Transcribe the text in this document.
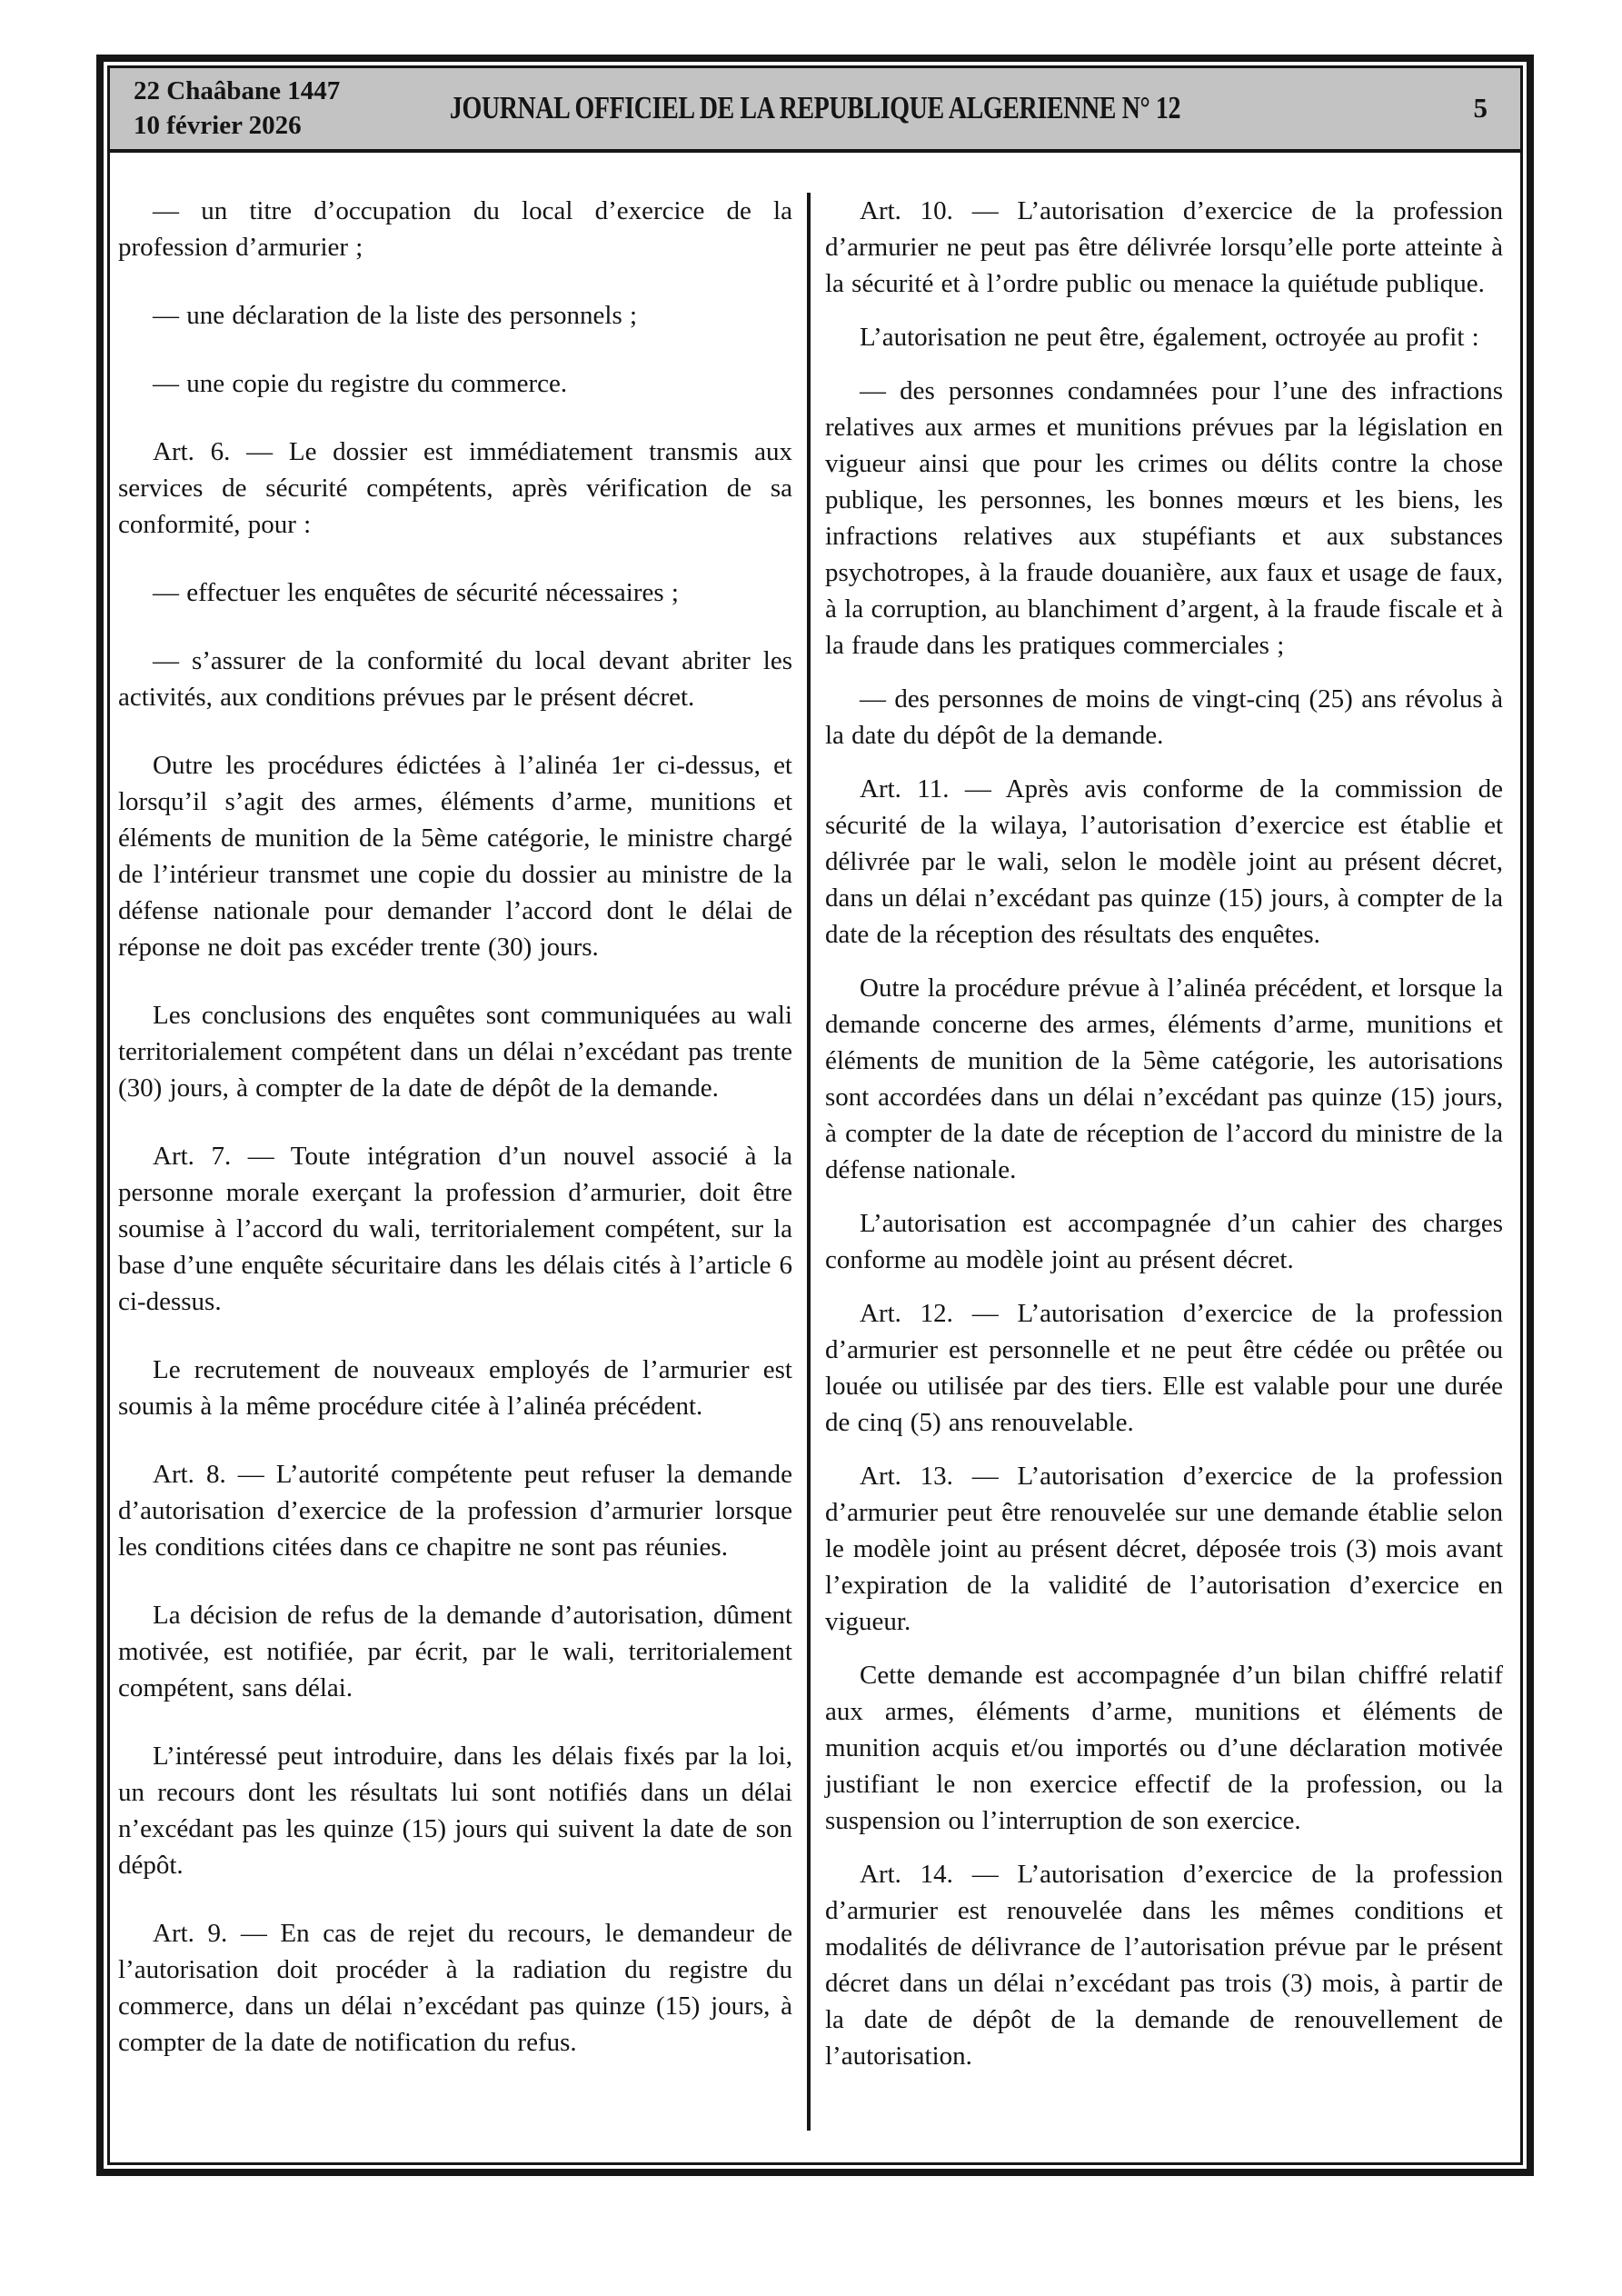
22 Chaâbane 1447
10 février 2026	JOURNAL OFFICIEL DE LA REPUBLIQUE ALGERIENNE N° 12	5

— un titre d’occupation du local d’exercice de la profession d’armurier ;

— une déclaration de la liste des personnels ;

— une copie du registre du commerce.

Art. 6. — Le dossier est immédiatement transmis aux services de sécurité compétents, après vérification de sa conformité, pour :

— effectuer les enquêtes de sécurité nécessaires ;

— s’assurer de la conformité du local devant abriter les activités, aux conditions prévues par le présent décret.

Outre les procédures édictées à l’alinéa 1er ci-dessus, et lorsqu’il s’agit des armes, éléments d’arme, munitions et éléments de munition de la 5ème catégorie, le ministre chargé de l’intérieur transmet une copie du dossier au ministre de la défense nationale pour demander l’accord dont le délai de réponse ne doit pas excéder trente (30) jours.

Les conclusions des enquêtes sont communiquées au wali territorialement compétent dans un délai n’excédant pas trente (30) jours, à compter de la date de dépôt de la demande.

Art. 7. — Toute intégration d’un nouvel associé à la personne morale exerçant la profession d’armurier, doit être soumise à l’accord du wali, territorialement compétent, sur la base d’une enquête sécuritaire dans les délais cités à l’article 6 ci-dessus.

Le recrutement de nouveaux employés de l’armurier est soumis à la même procédure citée à l’alinéa précédent.

Art. 8. — L’autorité compétente peut refuser la demande d’autorisation d’exercice de la profession d’armurier lorsque les conditions citées dans ce chapitre ne sont pas réunies.

La décision de refus de la demande d’autorisation, dûment motivée, est notifiée, par écrit, par le wali, territorialement compétent, sans délai.

L’intéressé peut introduire, dans les délais fixés par la loi, un recours dont les résultats lui sont notifiés dans un délai n’excédant pas les quinze (15) jours qui suivent la date de son dépôt.

Art. 9. — En cas de rejet du recours, le demandeur de l’autorisation doit procéder à la radiation du registre du commerce, dans un délai n’excédant pas quinze (15) jours, à compter de la date de notification du refus.

Art. 10. — L’autorisation d’exercice de la profession d’armurier ne peut pas être délivrée lorsqu’elle porte atteinte à la sécurité et à l’ordre public ou menace la quiétude publique.

L’autorisation ne peut être, également, octroyée au profit :

— des personnes condamnées pour l’une des infractions relatives aux armes et munitions prévues par la législation en vigueur ainsi que pour les crimes ou délits contre la chose publique, les personnes, les bonnes mœurs et les biens, les infractions relatives aux stupéfiants et aux substances psychotropes, à la fraude douanière, aux faux et usage de faux, à la corruption, au blanchiment d’argent, à la fraude fiscale et à la fraude dans les pratiques commerciales ;

— des personnes de moins de vingt-cinq (25) ans révolus à la date du dépôt de la demande.

Art. 11. — Après avis conforme de la commission de sécurité de la wilaya, l’autorisation d’exercice est établie et délivrée par le wali, selon le modèle joint au présent décret, dans un délai n’excédant pas quinze (15) jours, à compter de la date de la réception des résultats des enquêtes.

Outre la procédure prévue à l’alinéa précédent, et lorsque la demande concerne des armes, éléments d’arme, munitions et éléments de munition de la 5ème catégorie, les autorisations sont accordées dans un délai n’excédant pas quinze (15) jours, à compter de la date de réception de l’accord du ministre de la défense nationale.

L’autorisation est accompagnée d’un cahier des charges conforme au modèle joint au présent décret.

Art. 12. — L’autorisation d’exercice de la profession d’armurier est personnelle et ne peut être cédée ou prêtée ou louée ou utilisée par des tiers. Elle est valable pour une durée de cinq (5) ans renouvelable.

Art. 13. — L’autorisation d’exercice de la profession d’armurier peut être renouvelée sur une demande établie selon le modèle joint au présent décret, déposée trois (3) mois avant l’expiration de la validité de l’autorisation d’exercice en vigueur.

Cette demande est accompagnée d’un bilan chiffré relatif aux armes, éléments d’arme, munitions et éléments de munition acquis et/ou importés ou d’une déclaration motivée justifiant le non exercice effectif de la profession, ou la suspension ou l’interruption de son exercice.

Art. 14. — L’autorisation d’exercice de la profession d’armurier est renouvelée dans les mêmes conditions et modalités de délivrance de l’autorisation prévue par le présent décret dans un délai n’excédant pas trois (3) mois, à partir de la date de dépôt de la demande de renouvellement de l’autorisation.
